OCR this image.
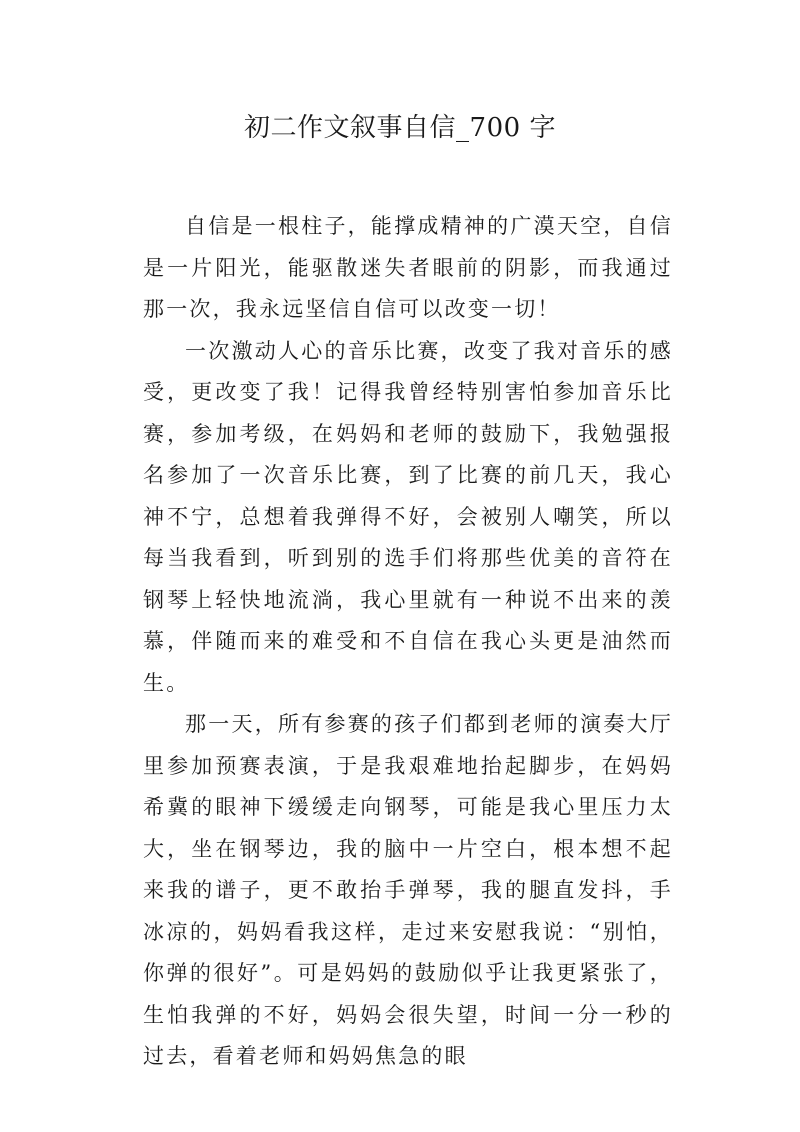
初二作文叙事自信_700 字

自信是一根柱子，能撑成精神的广漠天空，自信是一片阳光，能驱散迷失者眼前的阴影，而我通过那一次，我永远坚信自信可以改变一切！

一次激动人心的音乐比赛，改变了我对音乐的感受，更改变了我！记得我曾经特别害怕参加音乐比赛，参加考级，在妈妈和老师的鼓励下，我勉强报名参加了一次音乐比赛，到了比赛的前几天，我心神不宁，总想着我弹得不好，会被别人嘲笑，所以每当我看到，听到别的选手们将那些优美的音符在钢琴上轻快地流淌，我心里就有一种说不出来的羡慕，伴随而来的难受和不自信在我心头更是油然而生。

那一天，所有参赛的孩子们都到老师的演奏大厅里参加预赛表演，于是我艰难地抬起脚步，在妈妈希冀的眼神下缓缓走向钢琴，可能是我心里压力太大，坐在钢琴边，我的脑中一片空白，根本想不起来我的谱子，更不敢抬手弹琴，我的腿直发抖，手冰凉的，妈妈看我这样，走过来安慰我说：“别怕，你弹的很好”。可是妈妈的鼓励似乎让我更紧张了，生怕我弹的不好，妈妈会很失望，时间一分一秒的过去，看着老师和妈妈焦急的眼
